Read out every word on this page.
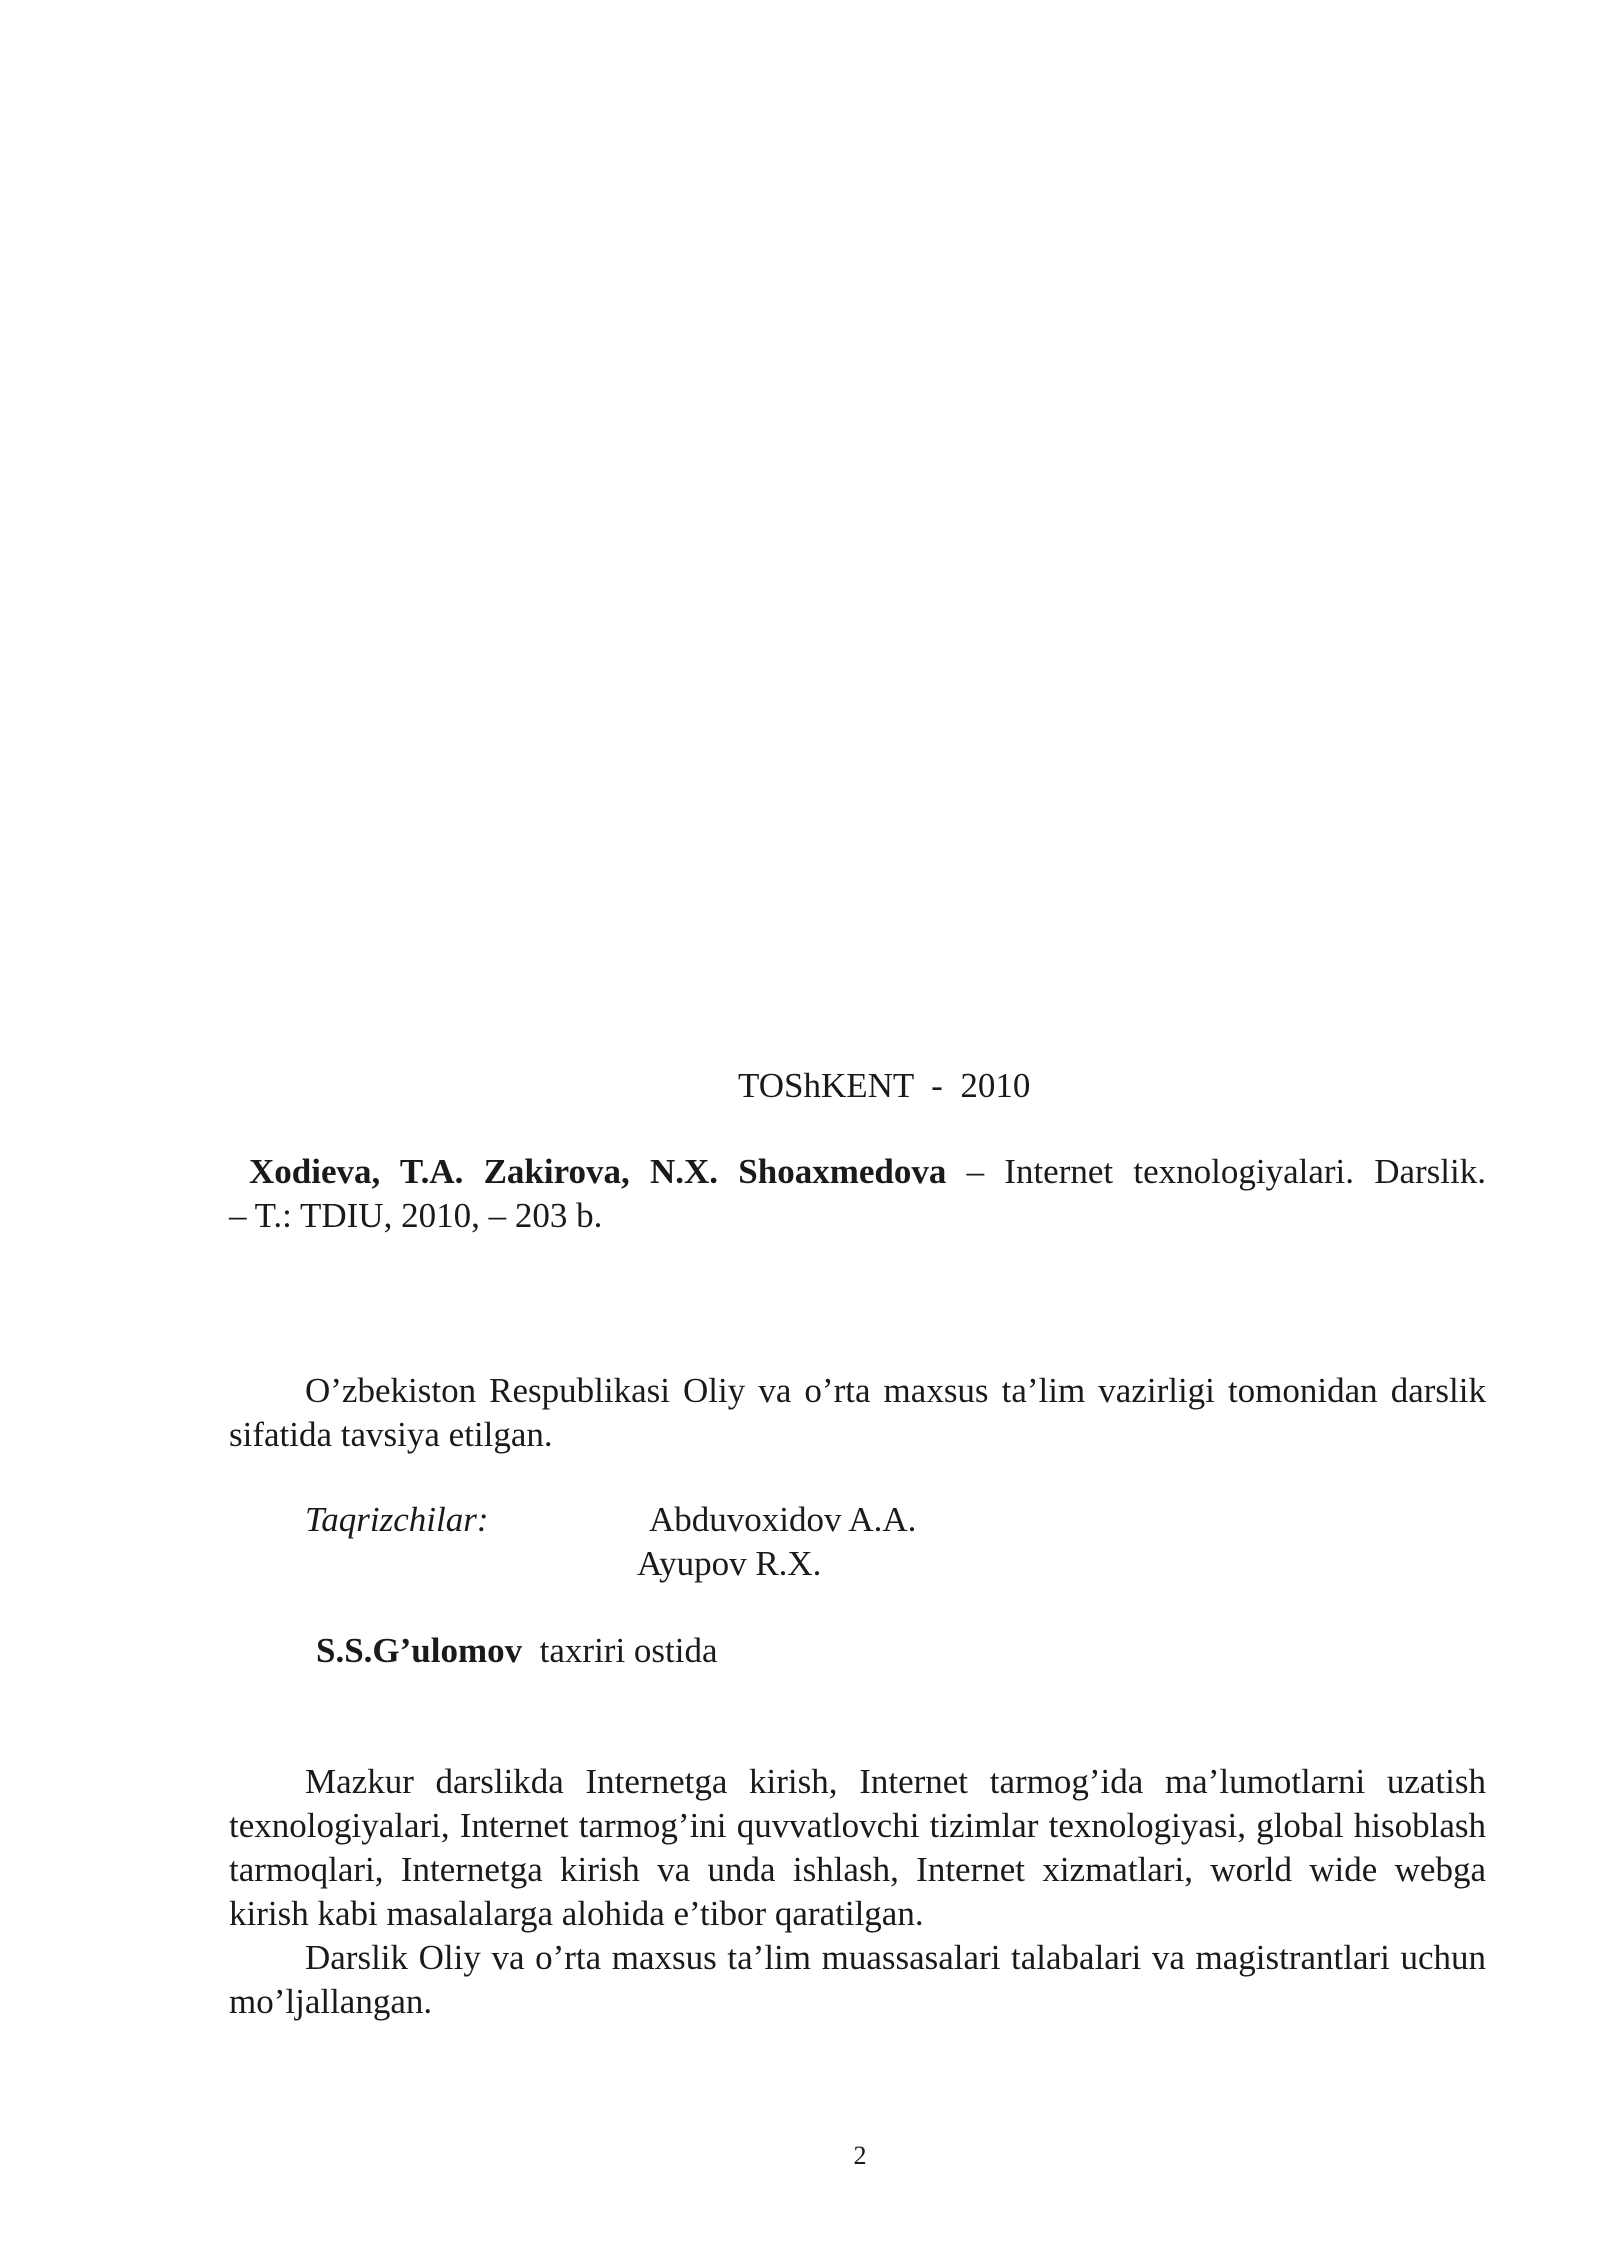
TOShKENT  -  2010
Xodieva, T.A. Zakirova, N.X. Shoaxmedova – Internet texnologiyalari. Darslik.
– T.: TDIU, 2010, – 203 b.

O’zbekiston Respublikasi Oliy va o’rta maxsus ta’lim vazirligi tomonidan darslik sifatida tavsiya etilgan.

Taqrizchilar:	Abduvoxidov A.A.
Ayupov R.X.
S.S.G’ulomov  taxriri ostida

Mazkur darslikda Internetga kirish, Internet tarmog’ida ma’lumotlarni uzatish texnologiyalari, Internet tarmog’ini quvvatlovchi tizimlar texnologiyasi, global hisoblash tarmoqlari, Internetga kirish va unda ishlash, Internet xizmatlari, world wide webga kirish kabi masalalarga alohida e’tibor qaratilgan.

Darslik Oliy va o’rta maxsus ta’lim muassasalari talabalari va magistrantlari uchun mo’ljallangan.

2
